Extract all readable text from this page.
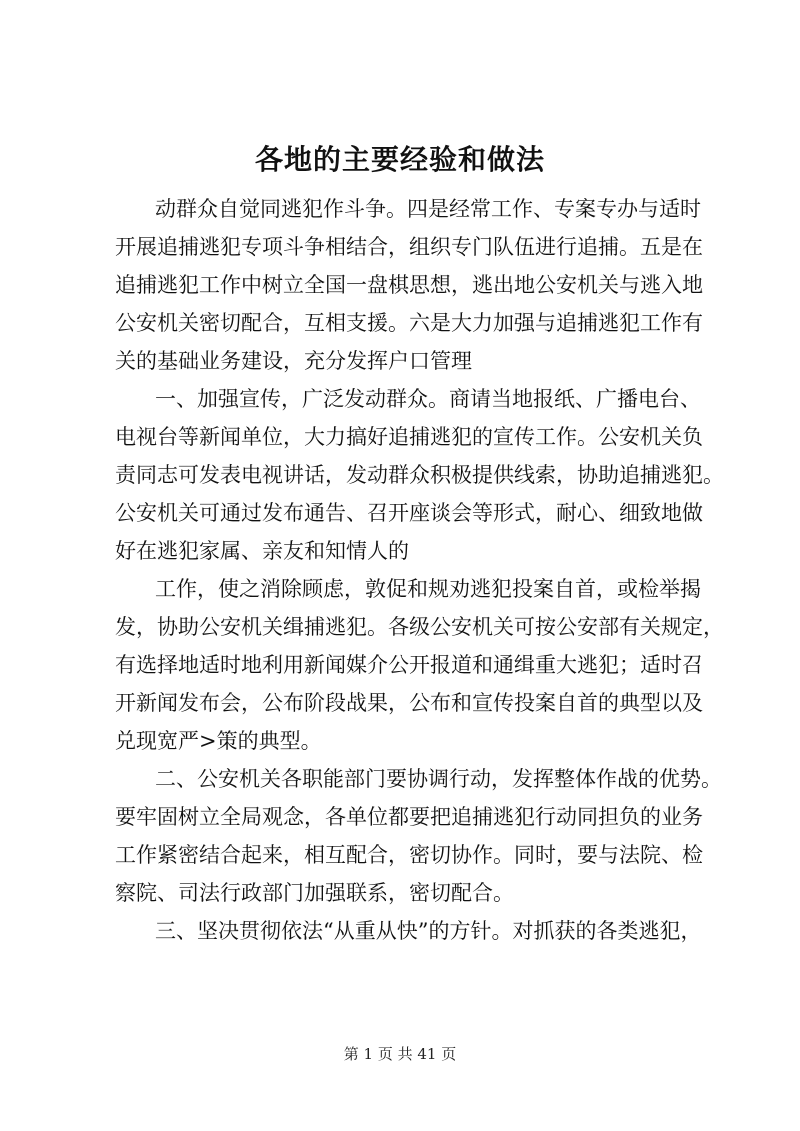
各地的主要经验和做法
动群众自觉同逃犯作斗争。四是经常工作、专案专办与适时
开展追捕逃犯专项斗争相结合，组织专门队伍进行追捕。五是在
追捕逃犯工作中树立全国一盘棋思想，逃出地公安机关与逃入地
公安机关密切配合，互相支援。六是大力加强与追捕逃犯工作有
关的基础业务建设，充分发挥户口管理
一、加强宣传，广泛发动群众。商请当地报纸、广播电台、
电视台等新闻单位，大力搞好追捕逃犯的宣传工作。公安机关负
责同志可发表电视讲话，发动群众积极提供线索，协助追捕逃犯。
公安机关可通过发布通告、召开座谈会等形式，耐心、细致地做
好在逃犯家属、亲友和知情人的
工作，使之消除顾虑，敦促和规劝逃犯投案自首，或检举揭
发，协助公安机关缉捕逃犯。各级公安机关可按公安部有关规定，
有选择地适时地利用新闻媒介公开报道和通缉重大逃犯；适时召
开新闻发布会，公布阶段战果，公布和宣传投案自首的典型以及
兑现宽严>策的典型。
二、公安机关各职能部门要协调行动，发挥整体作战的优势。
要牢固树立全局观念，各单位都要把追捕逃犯行动同担负的业务
工作紧密结合起来，相互配合，密切协作。同时，要与法院、检
察院、司法行政部门加强联系，密切配合。
三、坚决贯彻依法“从重从快”的方针。对抓获的各类逃犯，
第 1 页 共 41 页
